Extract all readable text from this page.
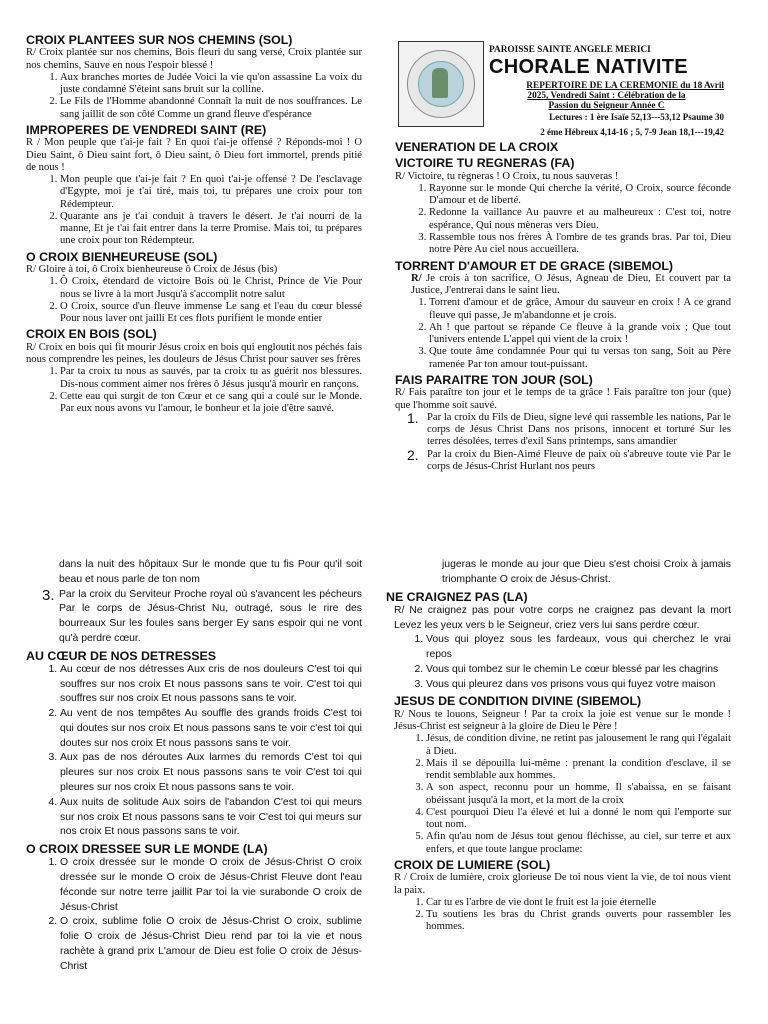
CROIX PLANTEES SUR NOS CHEMINS (SOL)

R/ Croix plantée sur nos chemins, Bois fleuri du sang versé, Croix plantée sur nos chemins, Sauve en nous l'espoir blessé !

1. Aux branches mortes de Judée Voici la vie qu'on assassine La voix du juste condamné S'éteint sans bruit sur la colline.
2. Le Fils de l'Homme abandonné Connaît la nuit de nos souffrances. Le sang jaillit de son côté Comme un grand fleuve d'espérance
IMPROPERES DE VENDREDI SAINT (RE)

R / Mon peuple que t'ai-je fait ? En quoi t'ai-je offensé ? Réponds-moi ! O Dieu Saint, ô Dieu saint fort, ô Dieu saint, ô Dieu fort immortel, prends pitié de nous !

1. Mon peuple que t'ai-je fait ? En quoi t'ai-je offensé ? De l'esclavage d'Egypte, moi je t'ai tiré, mais toi, tu prépares une croix pour ton Rédempteur.
2. Quarante ans je t'ai conduit à travers le désert. Je t'ai nourri de la manne, Et je t'ai fait entrer dans la terre Promise. Mais toi, tu prépares une croix pour ton Rédempteur.
O CROIX BIENHEUREUSE (SOL)

R/ Gloire à toi, ô Croix bienheureuse ô Croix de Jésus (bis)

1. Ô Croix, étendard de victoire Bois où le Christ, Prince de Vie Pour nous se livre à la mort Jusqu'à s'accomplit notre salut
2. O Croix, source d'un fleuve immense Le sang et l'eau du cœur blessé Pour nous laver ont jailli Et ces flots purifient le monde entier
CROIX EN BOIS (SOL)

R/ Croix en bois qui fit mourir Jésus croix en bois qui engloutit nos péchés fais nous comprendre les peines, les douleurs de Jésus Christ pour sauver ses frères

1. Par ta croix tu nous as sauvés, par ta croix tu as guérit nos blessures. Dis-nous comment aimer nos frères ô Jésus jusqu'à mourir en rançons.
2. Cette eau qui surgit de ton Cœur et ce sang qui a coulé sur le Monde. Par eux nous avons vu l'amour, le bonheur et la joie d'être sauvé.
PAROISSE SAINTE ANGELE MERICI
CHORALE NATIVITE
REPERTOIRE DE LA CEREMONIE du 18 Avril
2025, Vendredi Saint : Célébration de la
Passion du Seigneur Année C
Lectures : 1 ère Isaïe 52,13---53,12 Psaume 30
2 éme Hébreux 4,14-16 ; 5, 7-9 Jean 18,1---19,42
VENERATION DE LA CROIX
VICTOIRE TU REGNERAS (FA)

R/ Victoire, tu règneras ! O Croix, tu nous sauveras !

1. Rayonne sur le monde Qui cherche la vérité, O Croix, source féconde D'amour et de liberté.
2. Redonne la vaillance Au pauvre et au malheureux : C'est toi, notre espérance, Qui nous mèneras vers Dieu.
3. Rassemble tous nos frères À l'ombre de tes grands bras. Par toi, Dieu notre Père Au ciel nous accueillera.
TORRENT D'AMOUR ET DE GRACE (SIBEMOL)

R/ Je crois à ton sacrifice, O Jésus, Agneau de Dieu, Et couvert par ta Justice, J'entrerai dans le saint lieu.

1. Torrent d'amour et de grâce, Amour du sauveur en croix ! A ce grand fleuve qui passe, Je m'abandonne et je crois.
2. Ah ! que partout se répande Ce fleuve à la grande voix ; Que tout l'univers entende L'appel qui vient de la croix !
3. Que toute âme condamnée Pour qui tu versas ton sang, Soit au Père ramenée Par ton amour tout-puissant.
FAIS PARAITRE TON JOUR (SOL)

R/ Fais paraître ton jour et le temps de ta grâce ! Fais paraître ton jour (que) que l'homme soit sauvé.

1. Par la croix du Fils de Dieu, signe levé qui rassemble les nations, Par le corps de Jésus Christ Dans nos prisons, innocent et torturé Sur les terres désolées, terres d'exil Sans printemps, sans amandier
2. Par la croix du Bien-Aimé Fleuve de paix où s'abreuve toute vie Par le corps de Jésus-Christ Hurlant nos peurs

dans la nuit des hôpitaux Sur le monde que tu fis Pour qu'il soit beau et nous parle de ton nom

3. Par la croix du Serviteur Proche royal où s'avancent les pécheurs Par le corps de Jésus-Christ Nu, outragé, sous le rire des bourreaux Sur les foules sans berger Ey sans espoir qui ne vont qu'à perdre cœur.
AU CŒUR DE NOS DETRESSES
1. Au cœur de nos détresses Aux cris de nos douleurs C'est toi qui souffres sur nos croix Et nous passons sans te voir. C'est toi qui souffres sur nos croix Et nous passons sans te voir.
2. Au vent de nos tempêtes Au souffle des grands froids C'est toi qui doutes sur nos croix Et nous passons sans te voir c'est toi qui doutes sur nos croix Et nous passons sans te voir.
3. Aux pas de nos déroutes Aux larmes du remords C'est toi qui pleures sur nos croix Et nous passons sans te voir C'est toi qui pleures sur nos croix Et nous passons sans te voir.
4. Aux nuits de solitude Aux soirs de l'abandon C'est toi qui meurs sur nos croix Et nous passons sans te voir C'est toi qui meurs sur nos croix Et nous passons sans te voir.
O CROIX DRESSEE SUR LE MONDE (LA)
1. O croix dressée sur le monde O croix de Jésus-Christ O croix dressée sur le monde O croix de Jésus-Christ Fleuve dont l'eau féconde sur notre terre jaillit Par toi la vie surabonde O croix de Jésus-Christ
2. O croix, sublime folie O croix de Jésus-Christ O croix, sublime folie O croix de Jésus-Christ Dieu rend par toi la vie et nous rachète à grand prix L'amour de Dieu est folie O croix de Jésus-Christ

jugeras le monde au jour que Dieu s'est choisi Croix à jamais triomphante O croix de Jésus-Christ.

NE CRAIGNEZ PAS (LA)

R/ Ne craignez pas pour votre corps ne craignez pas devant la mort Levez les yeux vers b le Seigneur, criez vers lui sans perdre cœur.

1. Vous qui ployez sous les fardeaux, vous qui cherchez le vrai repos
2. Vous qui tombez sur le chemin Le cœur blessé par les chagrins
3. Vous qui pleurez dans vos prisons vous qui fuyez votre maison
JESUS DE CONDITION DIVINE (SIBEMOL)

R/ Nous te louons, Seigneur ! Par ta croix la joie est venue sur le monde ! Jésus-Christ est seigneur à la gloire de Dieu le Père !

1. Jésus, de condition divine, ne retint pas jalousement le rang qui l'égalait à Dieu.
2. Mais il se dépouilla lui-même : prenant la condition d'esclave, il se rendit semblable aux hommes.
3. A son aspect, reconnu pour un homme, Il s'abaissa, en se faisant obéissant jusqu'à la mort, et la mort de la croix
4. C'est pourquoi Dieu l'a élevé et lui a donné le nom qui l'emporte sur tout nom.
5. Afin qu'au nom de Jésus tout genou fléchisse, au ciel, sur terre et aux enfers, et que toute langue proclame:
CROIX DE LUMIERE (SOL)

R / Croix de lumière, croix glorieuse De toi nous vient la vie, de toi nous vient la paix.

1. Car tu es l'arbre de vie dont le fruit est la joie éternelle
2. Tu soutiens les bras du Christ grands ouverts pour rassembler les hommes.
